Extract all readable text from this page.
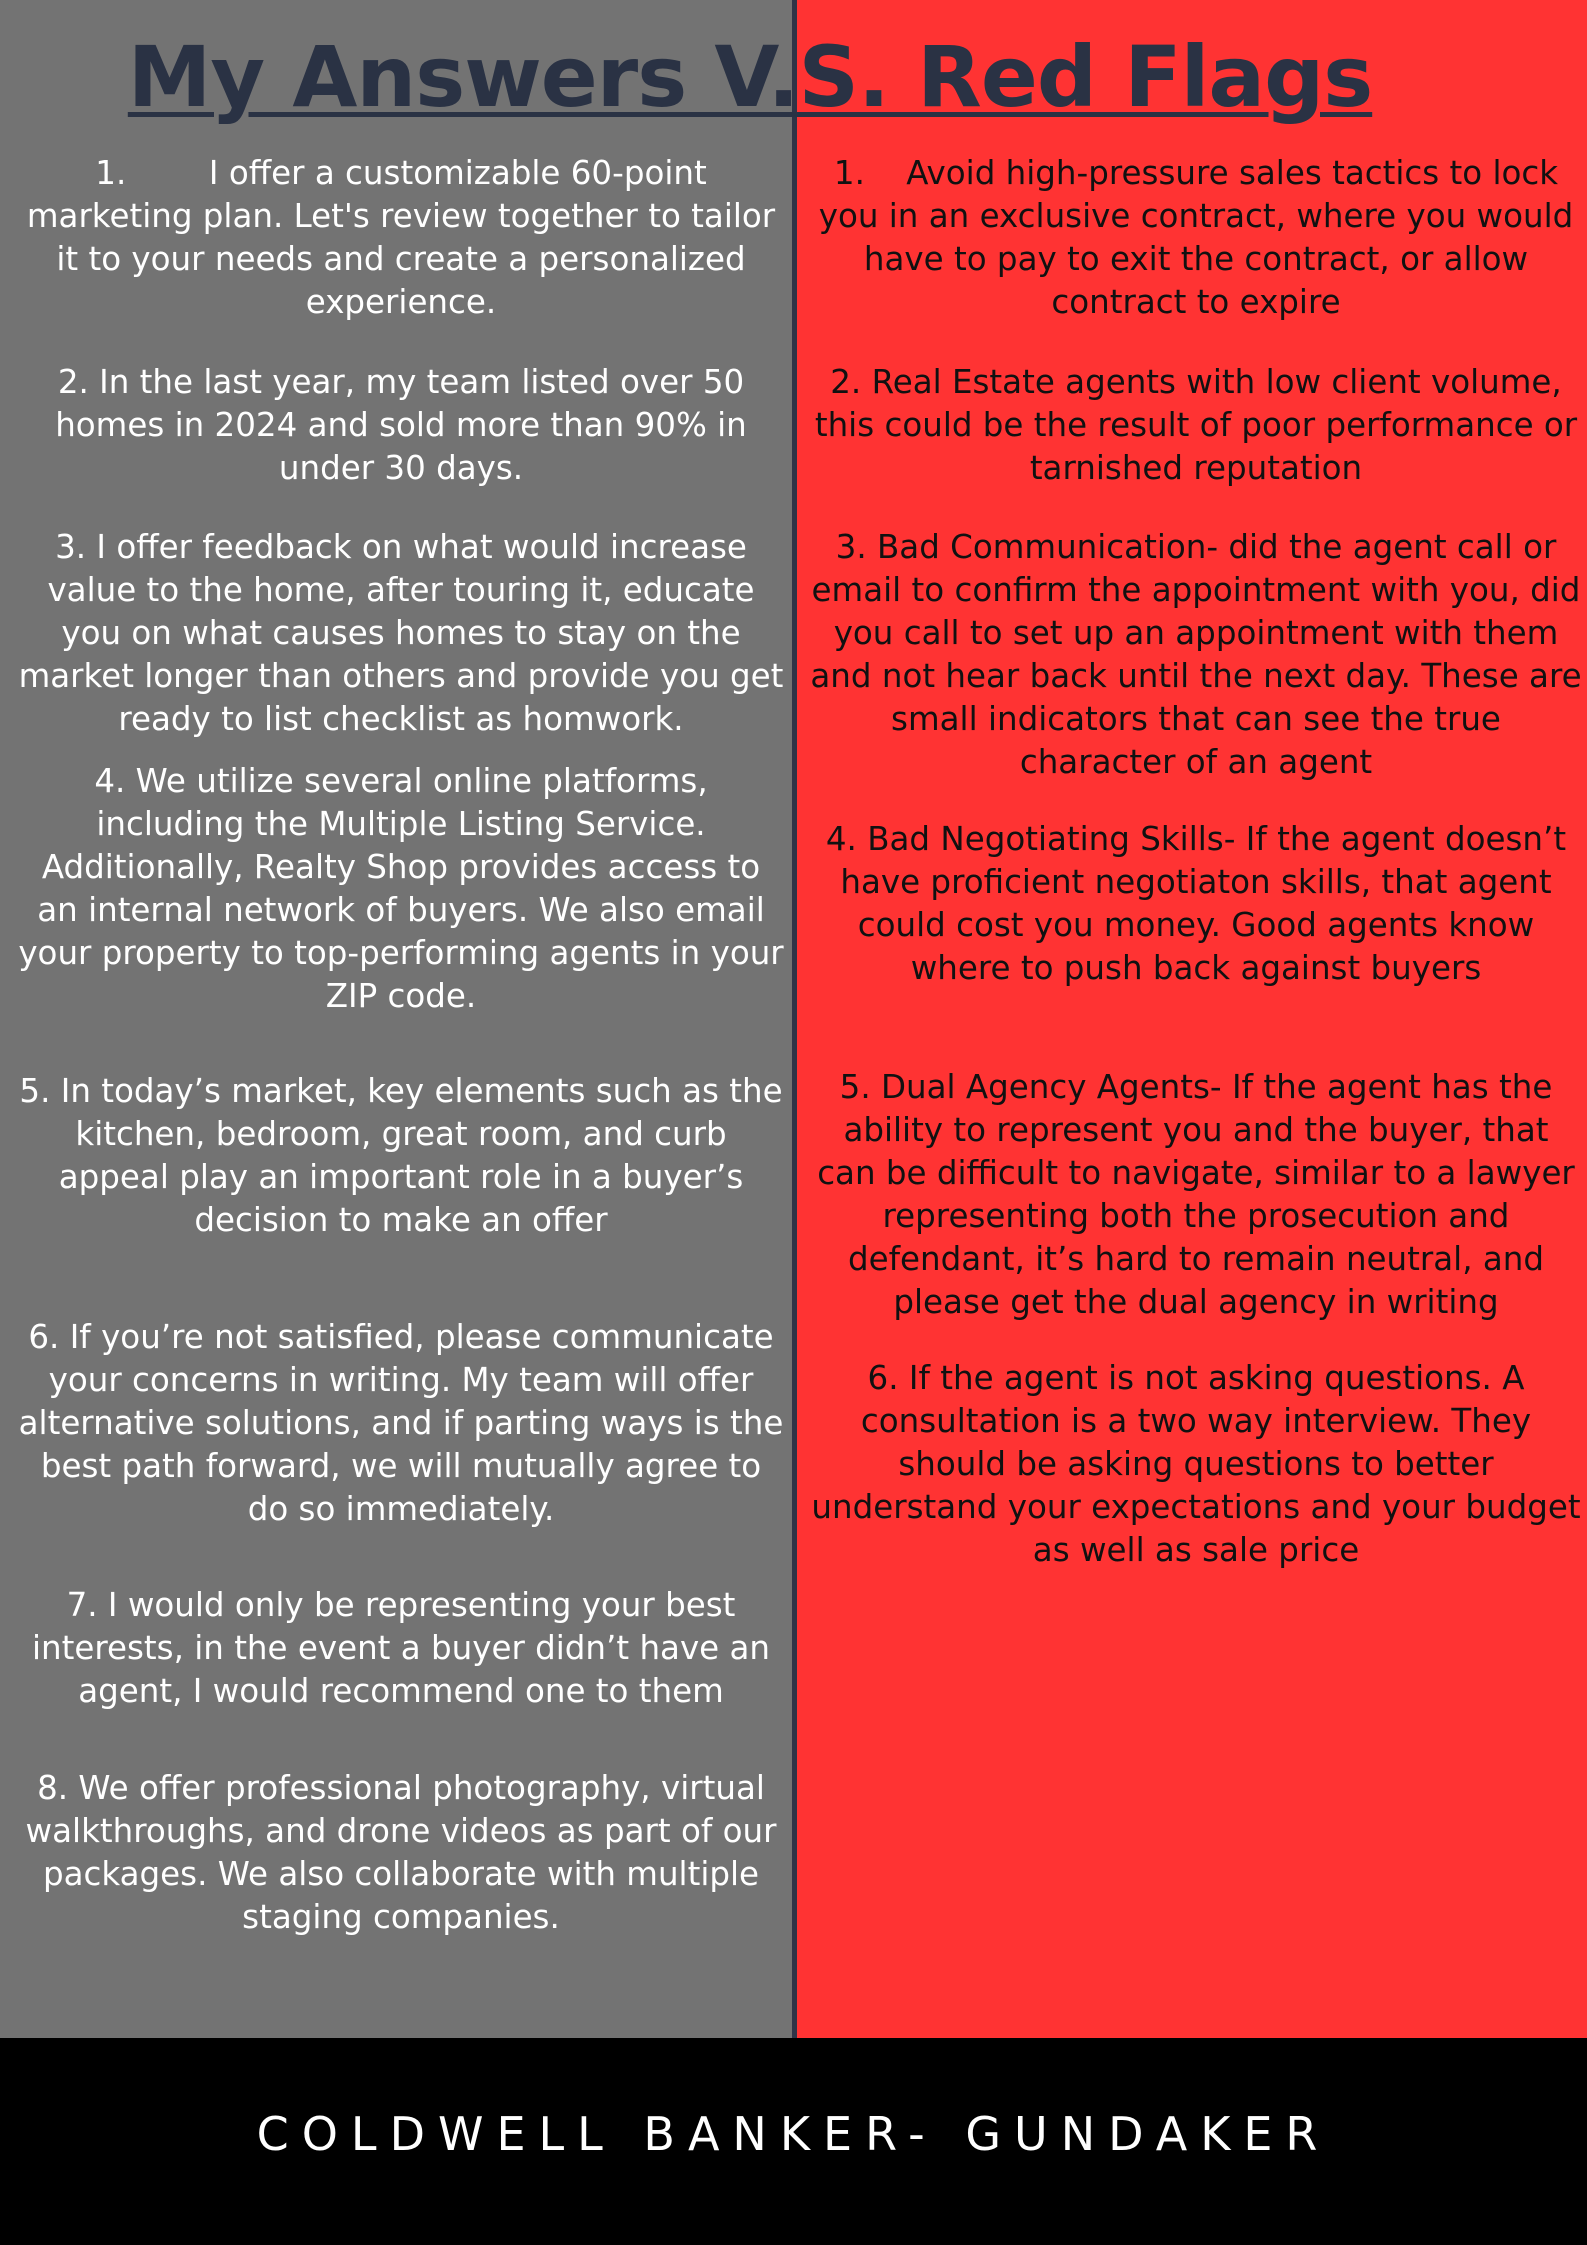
My Answers V.S. Red Flags

1.        I offer a customizable 60-point marketing plan. Let's review together to tailor it to your needs and create a personalized experience.

2. In the last year, my team listed over 50 homes in 2024 and sold more than 90% in under 30 days.

3. I offer feedback on what would increase value to the home, after touring it, educate you on what causes homes to stay on the market longer than others and provide you get ready to list checklist as homwork.

4. We utilize several online platforms, including the Multiple Listing Service. Additionally, Realty Shop provides access to an internal network of buyers. We also email your property to top-performing agents in your ZIP code.

5. In today’s market, key elements such as the kitchen, bedroom, great room, and curb appeal play an important role in a buyer’s decision to make an offer

6. If you’re not satisfied, please communicate your concerns in writing. My team will offer alternative solutions, and if parting ways is the best path forward, we will mutually agree to do so immediately.

7. I would only be representing your best interests, in the event a buyer didn’t have an agent, I would recommend one to them

8. We offer professional photography, virtual walkthroughs, and drone videos as part of our packages. We also collaborate with multiple staging companies.

1.    Avoid high-pressure sales tactics to lock you in an exclusive contract, where you would have to pay to exit the contract, or allow contract to expire

2. Real Estate agents with low client volume, this could be the result of poor performance or tarnished reputation

3. Bad Communication- did the agent call or email to confirm the appointment with you, did you call to set up an appointment with them and not hear back until the next day. These are small indicators that can see the true character of an agent

4. Bad Negotiating Skills- If the agent doesn’t have proficient negotiaton skills, that agent could cost you money. Good agents know where to push back against buyers

5. Dual Agency Agents- If the agent has the ability to represent you and the buyer, that can be difficult to navigate, similar to a lawyer representing both the prosecution and defendant, it’s hard to remain neutral, and please get the dual agency in writing

6. If the agent is not asking questions. A consultation is a two way interview. They should be asking questions to better understand your expectations and your budget as well as sale price

COLDWELL BANKER- GUNDAKER
